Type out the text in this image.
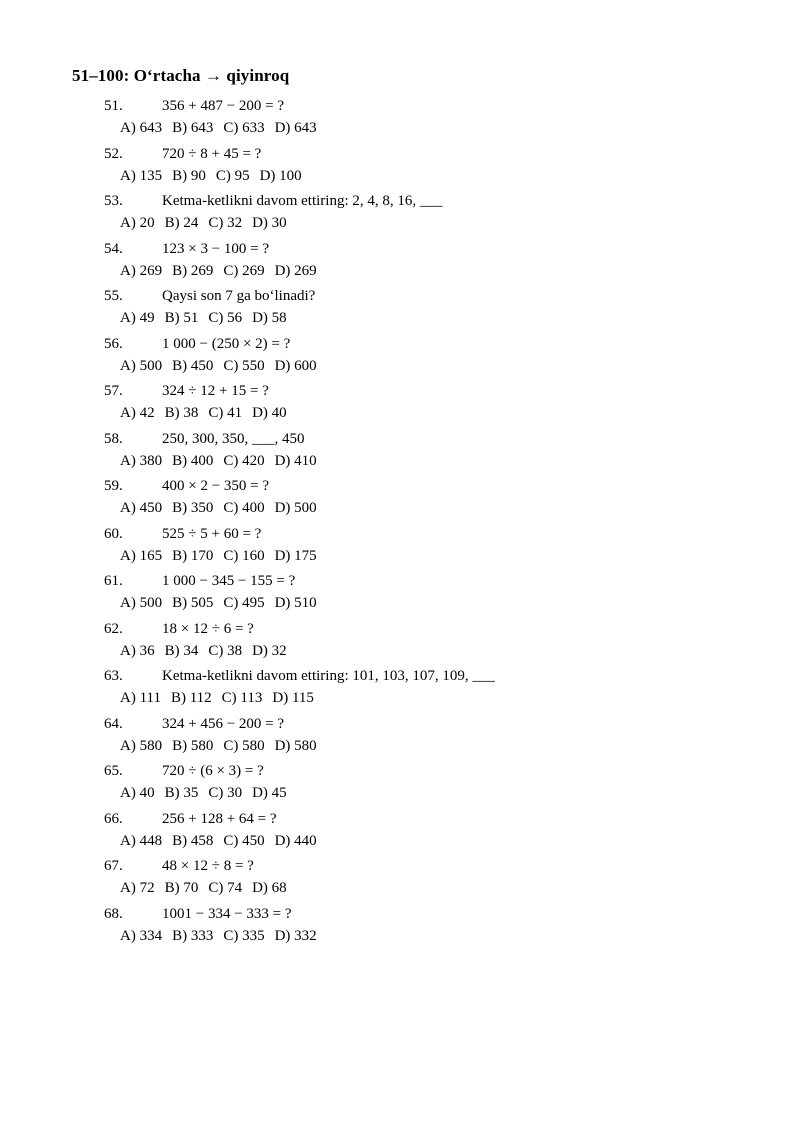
51–100: O‘rtacha → qiyinroq
51.	356 + 487 − 200 = ?
A) 643 B) 643 C) 633 D) 643
52.	720 ÷ 8 + 45 = ?
A) 135 B) 90 C) 95 D) 100
53.	Ketma-ketlikni davom ettiring: 2, 4, 8, 16, ___
A) 20 B) 24 C) 32 D) 30
54.	123 × 3 − 100 = ?
A) 269 B) 269 C) 269 D) 269
55.	Qaysi son 7 ga bo‘linadi?
A) 49 B) 51 C) 56 D) 58
56.	1 000 − (250 × 2) = ?
A) 500 B) 450 C) 550 D) 600
57.	324 ÷ 12 + 15 = ?
A) 42 B) 38 C) 41 D) 40
58.	250, 300, 350, ___, 450
A) 380 B) 400 C) 420 D) 410
59.	400 × 2 − 350 = ?
A) 450 B) 350 C) 400 D) 500
60.	525 ÷ 5 + 60 = ?
A) 165 B) 170 C) 160 D) 175
61.	1 000 − 345 − 155 = ?
A) 500 B) 505 C) 495 D) 510
62.	18 × 12 ÷ 6 = ?
A) 36 B) 34 C) 38 D) 32
63.	Ketma-ketlikni davom ettiring: 101, 103, 107, 109, ___
A) 111 B) 112 C) 113 D) 115
64.	324 + 456 − 200 = ?
A) 580 B) 580 C) 580 D) 580
65.	720 ÷ (6 × 3) = ?
A) 40 B) 35 C) 30 D) 45
66.	256 + 128 + 64 = ?
A) 448 B) 458 C) 450 D) 440
67.	48 × 12 ÷ 8 = ?
A) 72 B) 70 C) 74 D) 68
68.	1001 − 334 − 333 = ?
A) 334 B) 333 C) 335 D) 332
